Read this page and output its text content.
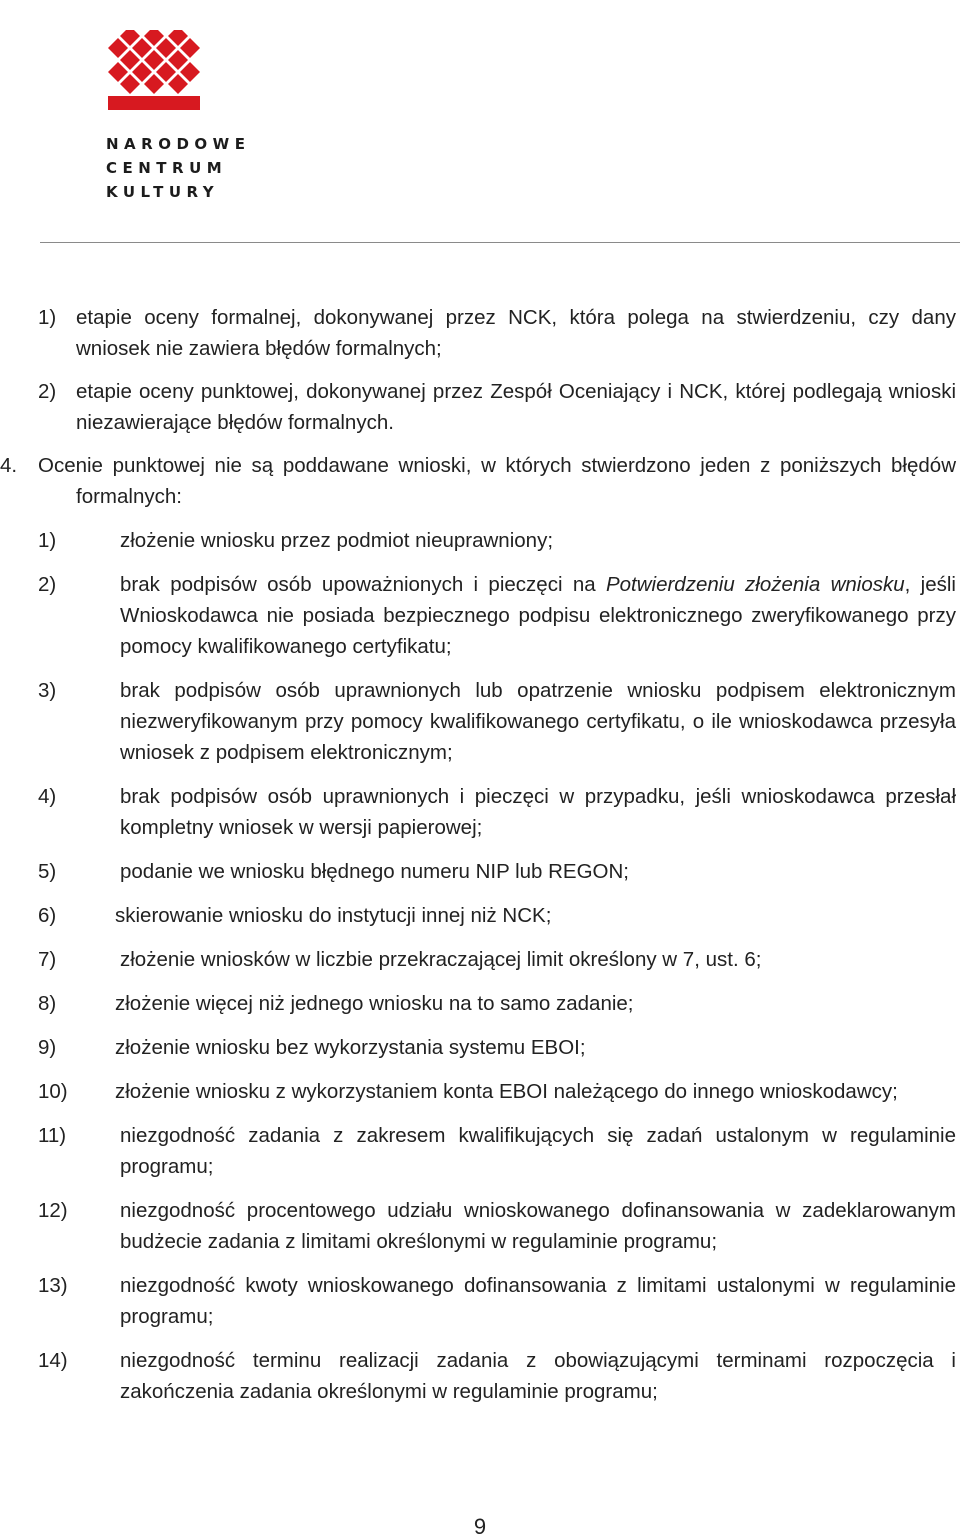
NARODOWE
CENTRUM
KULTURY
1) etapie oceny formalnej, dokonywanej przez NCK, która polega na stwierdzeniu, czy dany wniosek nie zawiera błędów formalnych;
2) etapie oceny punktowej, dokonywanej przez Zespół Oceniający i NCK, której podlegają wnioski niezawierające błędów formalnych.
4. Ocenie punktowej nie są poddawane wnioski, w których stwierdzono jeden z poniższych błędów formalnych:
1)	złożenie wniosku przez podmiot nieuprawniony;
2)	brak podpisów osób upoważnionych i pieczęci na Potwierdzeniu złożenia wniosku, jeśli Wnioskodawca nie posiada bezpiecznego podpisu elektronicznego zweryfikowanego przy pomocy kwalifikowanego certyfikatu;
3)	brak podpisów osób uprawnionych lub opatrzenie wniosku podpisem elektronicznym niezweryfikowanym przy pomocy kwalifikowanego certyfikatu, o ile wnioskodawca przesyła wniosek z podpisem elektronicznym;
4)	brak podpisów osób uprawnionych i pieczęci w przypadku, jeśli wnioskodawca przesłał kompletny wniosek w wersji papierowej;
5)	podanie we wniosku błędnego numeru NIP lub REGON;
6)	skierowanie wniosku do instytucji innej niż NCK;
7)	złożenie wniosków w liczbie przekraczającej limit określony w 7, ust. 6;
8)	złożenie więcej niż jednego wniosku na to samo zadanie;
9)	złożenie wniosku bez wykorzystania systemu EBOI;
10) złożenie wniosku z wykorzystaniem konta EBOI należącego do innego wnioskodawcy;
11)	niezgodność zadania z zakresem kwalifikujących się zadań ustalonym w regulaminie programu;
12)	niezgodność procentowego udziału wnioskowanego dofinansowania w zadeklarowanym budżecie zadania z limitami określonymi w regulaminie programu;
13)	niezgodność kwoty wnioskowanego dofinansowania z limitami ustalonymi w regulaminie programu;
14)	niezgodność terminu realizacji zadania z obowiązującymi terminami rozpoczęcia i zakończenia zadania określonymi w regulaminie programu;
9
